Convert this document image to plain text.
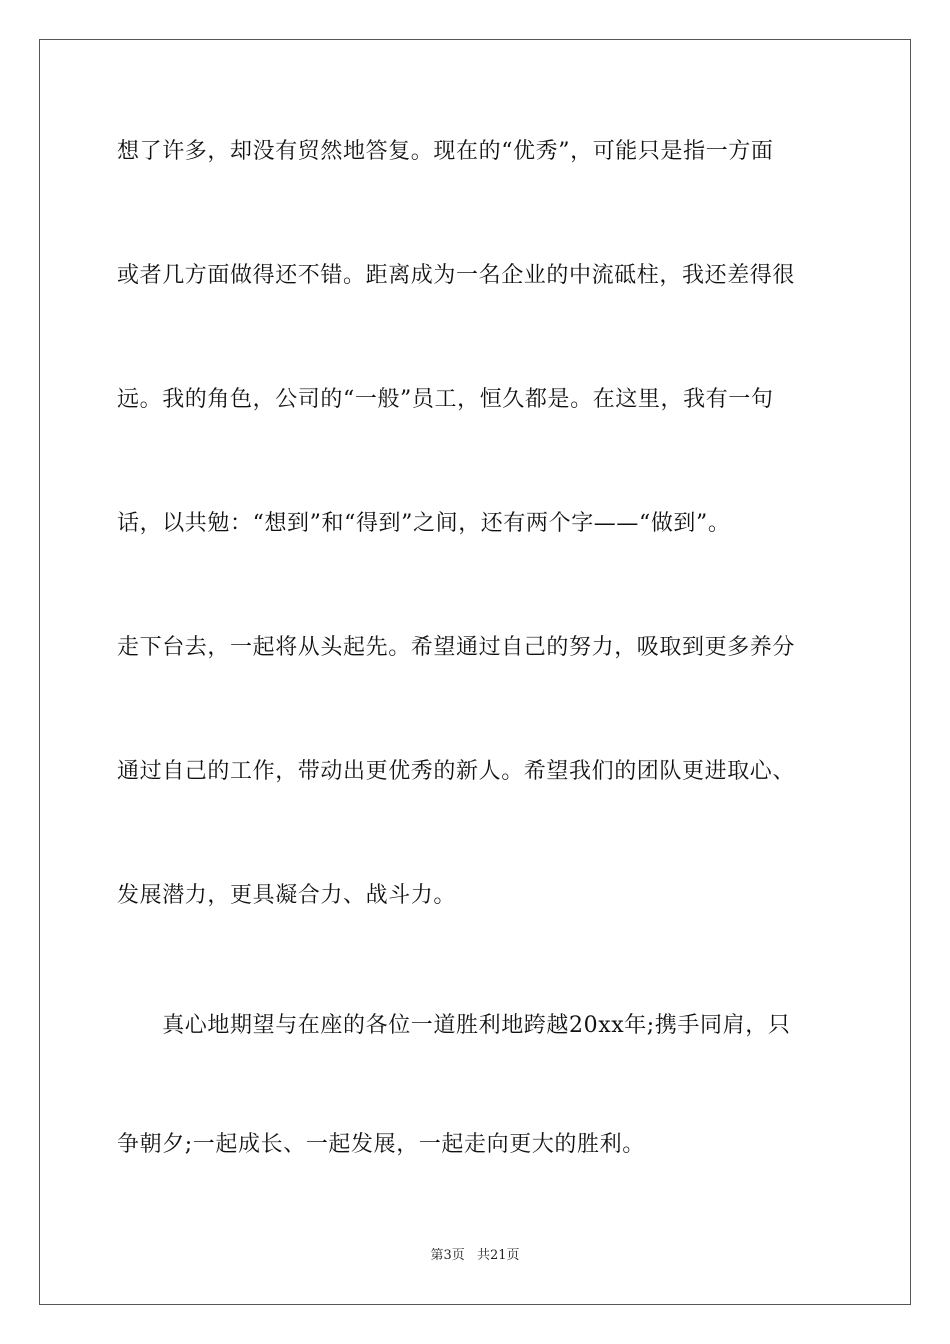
想了许多，却没有贸然地答复。现在的“优秀”，可能只是指一方面
或者几方面做得还不错。距离成为一名企业的中流砥柱，我还差得很
远。我的角色，公司的“一般”员工，恒久都是。在这里，我有一句
话，以共勉：“想到”和“得到”之间，还有两个字——“做到”。
走下台去，一起将从头起先。希望通过自己的努力，吸取到更多养分
通过自己的工作，带动出更优秀的新人。希望我们的团队更进取心、
发展潜力，更具凝合力、战斗力。
　　真心地期望与在座的各位一道胜利地跨越20xx年;携手同肩，只
争朝夕;一起成长、一起发展，一起走向更大的胜利。
第3页 共21页
